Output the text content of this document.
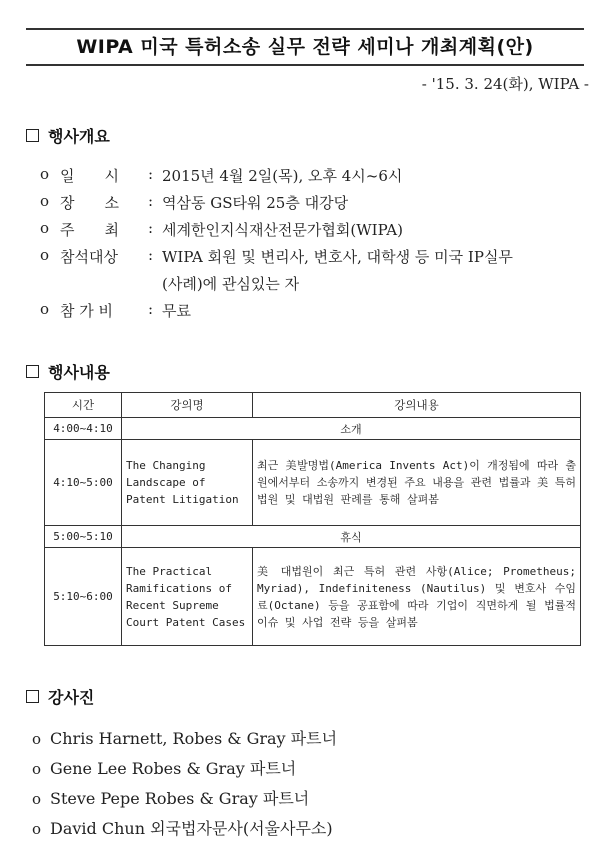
WIPA 미국 특허소송 실무 전략 세미나 개최계획(안)
- '15. 3. 24(화), WIPA -
행사개요
o 일　　시	: 2015년 4월 2일(목), 오후 4시~6시
o 장　　소	: 역삼동 GS타워 25층 대강당
o 주　　최	: 세계한인지식재산전문가협회(WIPA)
o 참석대상	: WIPA 회원 및 변리사, 변호사, 대학생 등 미국 IP실무
(사례)에 관심있는 자
o 참 가 비	: 무료
행사내용
시간	강의명	강의내용
4:00~4:10	소개	
4:10~5:00	The Changing Landscape of Patent Litigation	최근 美발명법(America Invents Act)이 개정됨에 따라 출원에서부터 소송까지 변경된 주요 내용을 관련 법률과 美 특허법원 및 대법원 판례를 통해 살펴봄
5:00~5:10	휴식	
5:10~6:00	The Practical Ramifications of Recent Supreme Court Patent Cases	美 대법원이 최근 특허 관련 사항(Alice; Prometheus; Myriad), Indefiniteness (Nautilus) 및 변호사 수임료(Octane) 등을 공표함에 따라 기업이 직면하게 될 법률적 이슈 및 사업 전략 등을 살펴봄
강사진
o Chris Harnett, Robes & Gray 파트너
o Gene Lee Robes & Gray 파트너
o Steve Pepe Robes & Gray 파트너
o David Chun 외국법자문사(서울사무소)
